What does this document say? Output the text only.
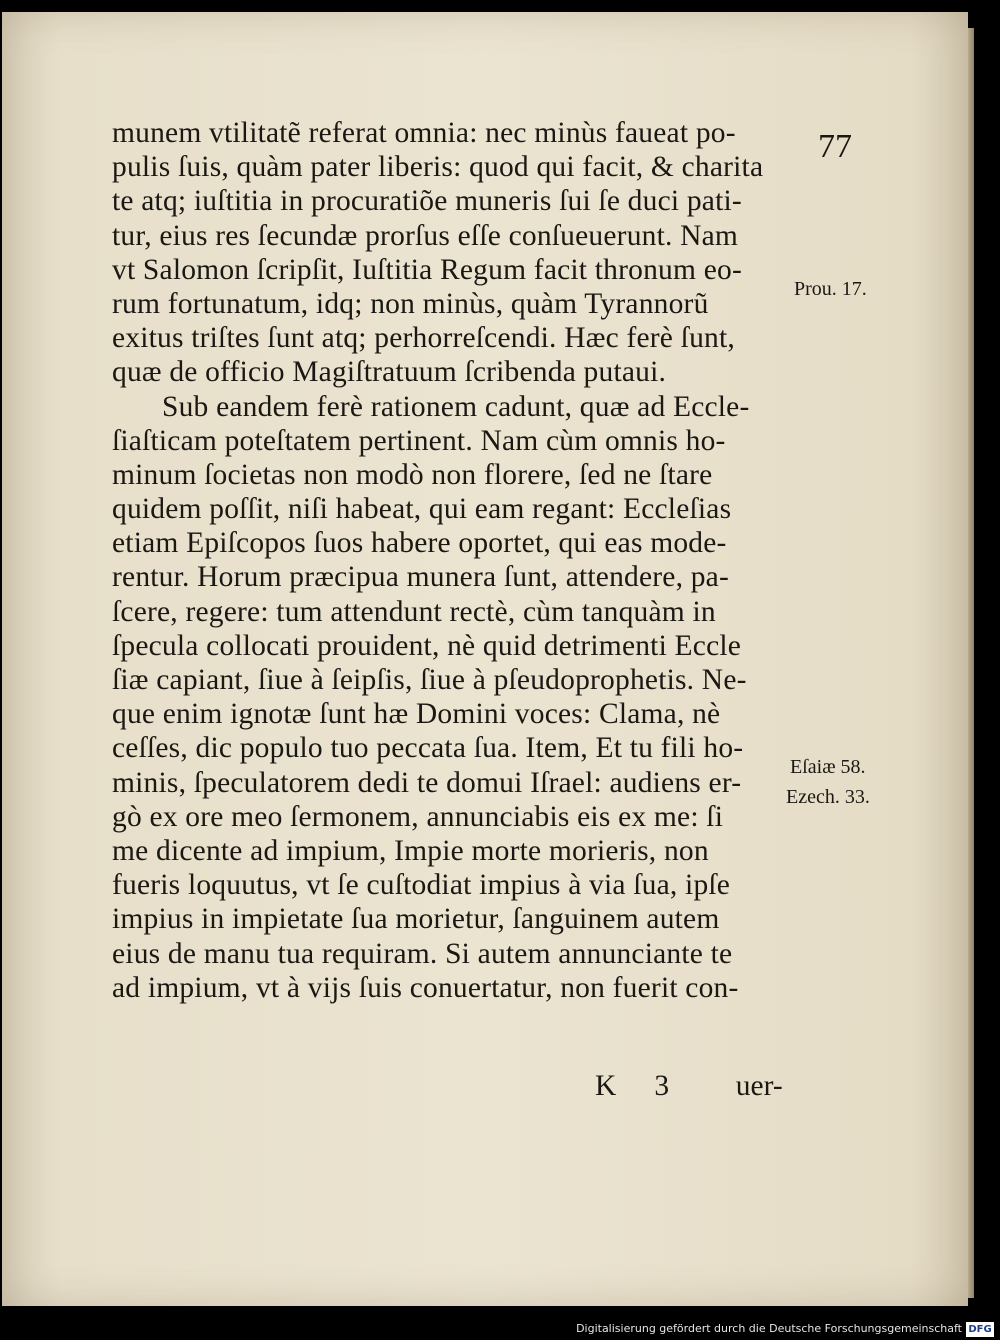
77
munem vtilitatẽ referat omnia: nec minùs faueat po-
pulis ſuis, quàm pater liberis: quod qui facit, & charita
te atq; iuſtitia in procuratiõe muneris ſui ſe duci pati-
tur, eius res ſecundæ prorſus eſſe conſueuerunt. Nam
vt Salomon ſcripſit, Iuſtitia Regum facit thronum eo-
rum fortunatum, idq; non minùs, quàm Tyrannorũ
exitus triſtes ſunt atq; perhorreſcendi. Hæc ferè ſunt,
quæ de officio Magiſtratuum ſcribenda putaui.
Sub eandem ferè rationem cadunt, quæ ad Eccle-
ſiaſticam poteſtatem pertinent. Nam cùm omnis ho-
minum ſocietas non modò non florere, ſed ne ſtare
quidem poſſit, niſi habeat, qui eam regant: Eccleſias
etiam Epiſcopos ſuos habere oportet, qui eas mode-
rentur. Horum præcipua munera ſunt, attendere, pa-
ſcere, regere: tum attendunt rectè, cùm tanquàm in
ſpecula collocati prouident, nè quid detrimenti Eccle
ſiæ capiant, ſiue à ſeipſis, ſiue à pſeudoprophetis. Ne-
que enim ignotæ ſunt hæ Domini voces: Clama, nè
ceſſes, dic populo tuo peccata ſua. Item, Et tu fili ho-
minis, ſpeculatorem dedi te domui Iſrael: audiens er-
gò ex ore meo ſermonem, annunciabis eis ex me: ſi
me dicente ad impium, Impie morte morieris, non
fueris loquutus, vt ſe cuſtodiat impius à via ſua, ipſe
impius in impietate ſua morietur, ſanguinem autem
eius de manu tua requiram. Si autem annunciante te
ad impium, vt à vijs ſuis conuertatur, non fuerit con-
Prou. 17.
Eſaiæ 58.
Ezech. 33.
K 3 uer-
Digitalisierung gefördert durch die Deutsche Forschungsgemeinschaft DFG
